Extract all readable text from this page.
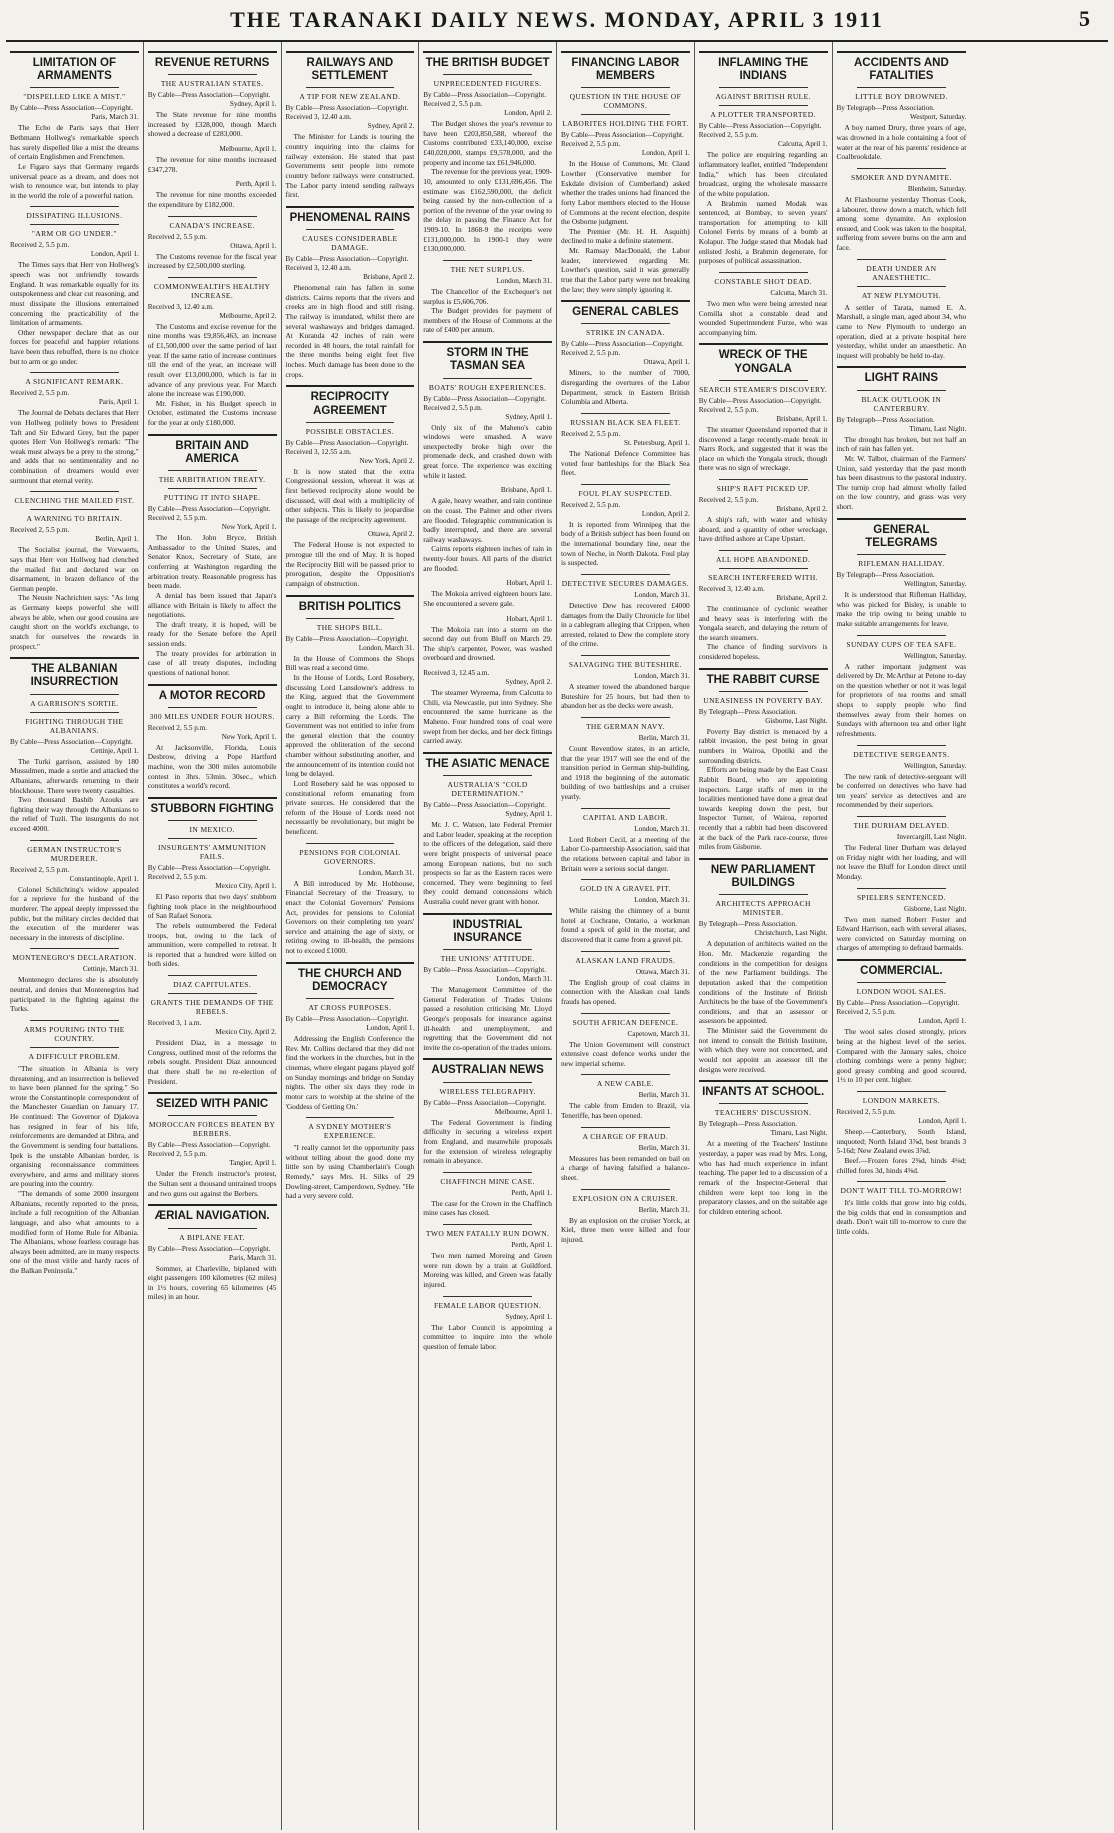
THE TARANAKI DAILY NEWS. MONDAY, APRIL 3 1911	5
LIMITATION OF ARMAMENTS
"DISPELLED LIKE A MIST."
By Cable—Press Association—Copyright.
Paris, March 31.

The Echo de Paris says that Herr Bethmann Hollweg's remarkable speech has surely dispelled like a mist the dreams of certain Englishmen and Frenchmen.

Le Figaro says that Germany regards universal peace as a dream, and does not wish to renounce war, but intends to play in the world the role of a powerful nation.

DISSIPATING ILLUSIONS.
"ARM OR GO UNDER."
Received 2, 5.5 p.m.
London, April 1.

The Times says that Herr von Hollweg's speech was not unfriendly towards England. It was remarkable equally for its outspokenness and clear cut reasoning, and must dissipate the illusions entertained concerning the practicability of the limitation of armaments.

Other newspaper declare that as our forces for peaceful and happier relations have been thus rebuffed, there is no choice but to arm or go under.

A SIGNIFICANT REMARK.
Received 2, 5.5 p.m.
Paris, April 1.

The Journal de Debats declares that Herr von Hollweg politely bows to President Taft and Sir Edward Grey, but the paper quotes Herr Von Hollweg's remark: "The weak must always be a prey to the strong," and adds that no sentimentality and no combination of dreamers would ever surmount that eternal verity.

CLENCHING THE MAILED FIST.
A WARNING TO BRITAIN.
Received 2, 5.5 p.m.
Berlin, April 1.

The Socialist journal, the Vorwaerts, says that Herr von Hollweg had clenched the mailed fist and declared war on disarmament, in brazen defiance of the German people.

The Neuste Nachrichten says: "As long as Germany keeps powerful she will always be able, when our good cousins are caught short on the world's exchange, to snatch for ourselves the rewards in prospect."

THE ALBANIAN INSURRECTION
A GARRISON'S SORTIE.
FIGHTING THROUGH THE ALBANIANS.
By Cable—Press Association—Copyright.
Cettinje, April 1.

The Turki garrison, assisted by 180 Mussulmen, made a sortie and attacked the Albanians, afterwards returning to their blockhouse. There were twenty casualties.

Two thousand Bashib Azouks are fighting their way through the Albanians to the relief of Tuzli. The insurgents do not exceed 4000.

GERMAN INSTRUCTOR'S MURDERER.
Received 2, 5.5 p.m.
Constantinople, April 1.

Colonel Schlichting's widow appealed for a reprieve for the husband of the murderer. The appeal deeply impressed the public, but the military circles decided that the execution of the murderer was necessary in the interests of discipline.

MONTENEGRO'S DECLARATION.
Cettinje, March 31.

Montenegro declares she is absolutely neutral, and denies that Montenegrins had participated in the fighting against the Turks.

ARMS POURING INTO THE COUNTRY.
A DIFFICULT PROBLEM.

"The situation in Albania is very threatening, and an insurrection is believed to have been planned for the spring." So wrote the Constantinople correspondent of the Manchester Guardian on January 17. He continued: The Governor of Djakova has resigned in fear of his life, reinforcements are demanded at Dibra, and the Government is sending four battalions. Ipek is the unstable Albanian border, is organising reconnaissance committees everywhere, and arms and military stores are pouring into the country.

"The demands of some 2000 insurgent Albanians, recently reported to the press, include a full recognition of the Albanian language, and also what amounts to a modified form of Home Rule for Albania. The Albanians, whose fearless courage has always been admitted, are in many respects one of the most virile and hardy races of the Balkan Peninsula."

REVENUE RETURNS
THE AUSTRALIAN STATES.
By Cable—Press Association—Copyright.
Sydney, April 1.

The State revenue for nine months increased by £328,000, though March showed a decrease of £283,000.

Melbourne, April 1.

The revenue for nine months increased £347,278.

Perth, April 1.

The revenue for nine months exceeded the expenditure by £182,000.

CANADA'S INCREASE.
Received 2, 5.5 p.m.
Ottawa, April 1.

The Customs revenue for the fiscal year increased by £2,500,000 sterling.

COMMONWEALTH'S HEALTHY INCREASE.
Received 3, 12.40 a.m.
Melbourne, April 2.

The Customs and excise revenue for the nine months was £9,856,463, an increase of £1,500,000 over the same period of last year. If the same ratio of increase continues till the end of the year, an increase will result over £13,000,000, which is far in advance of any previous year. For March alone the increase was £190,000.

Mr. Fisher, in his Budget speech in October, estimated the Customs increase for the year at only £180,000.

BRITAIN AND AMERICA
THE ARBITRATION TREATY.
PUTTING IT INTO SHAPE.
By Cable—Press Association—Copyright. Received 2, 5.5 p.m.
New York, April 1.

The Hon. John Bryce, British Ambassador to the United States, and Senator Knox, Secretary of State, are conferring at Washington regarding the arbitration treaty. Reasonable progress has been made.

A denial has been issued that Japan's alliance with Britain is likely to affect the negotiations.

The draft treaty, it is hoped, will be ready for the Senate before the April session ends.

The treaty provides for arbitration in case of all treaty disputes, including questions of national honor.

A MOTOR RECORD
300 MILES UNDER FOUR HOURS.
Received 2, 5.5 p.m.
New York, April 1.

At Jacksonville, Florida, Louis Desbrow, driving a Pope Hartford machine, won the 300 miles automobile contest in 3hrs. 53min. 30sec., which constitutes a world's record.

STUBBORN FIGHTING
IN MEXICO.
INSURGENTS' AMMUNITION FAILS.
By Cable—Press Association—Copyright. Received 2, 5.5 p.m.
Mexico City, April 1.

El Paso reports that two days' stubborn fighting took place in the neighbourhood of San Rafael Sonora.

The rebels outnumbered the Federal troops, but, owing to the lack of ammunition, were compelled to retreat. It is reported that a hundred were killed on both sides.

DIAZ CAPITULATES.
GRANTS THE DEMANDS OF THE REBELS.
Received 3, 1 a.m.
Mexico City, April 2.

President Diaz, in a message to Congress, outlined most of the reforms the rebels sought. President Diaz announced that there shall be no re-election of President.

SEIZED WITH PANIC
MOROCCAN FORCES BEATEN BY BERBERS.
By Cable—Press Association—Copyright. Received 2, 5.5 p.m.
Tangier, April 1.

Under the French instructor's protest, the Sultan sent a thousand untrained troops and two guns out against the Berbers.

ÆRIAL NAVIGATION.
A BIPLANE FEAT.
By Cable—Press Association—Copyright.
Paris, March 31.

Sommer, at Charleville, biplaned with eight passengers 100 kilometres (62 miles) in 1½ hours, covering 65 kilometres (45 miles) in an hour.

RAILWAYS AND SETTLEMENT
A TIP FOR NEW ZEALAND.
By Cable—Press Association—Copyright. Received 3, 12.40 a.m.
Sydney, April 2.

The Minister for Lands is touring the country inquiring into the claims for railway extension. He stated that past Governments sent people into remote country before railways were constructed. The Labor party intend sending railways first.

PHENOMENAL RAINS
CAUSES CONSIDERABLE DAMAGE.
By Cable—Press Association—Copyright. Received 3, 12.40 a.m.
Brisbane, April 2.

Phenomenal rain has fallen in some districts. Cairns reports that the rivers and creeks are in high flood and still rising. The railway is inundated, whilst there are several washaways and bridges damaged. At Kuranda 42 inches of rain were recorded in 48 hours, the total rainfall for the three months being eight feet five inches. Much damage has been done to the crops.

RECIPROCITY AGREEMENT
POSSIBLE OBSTACLES.
By Cable—Press Association—Copyright. Received 3, 12.55 a.m.
New York, April 2.

It is now stated that the extra Congressional session, whereat it was at first believed reciprocity alone would be discussed, will deal with a multiplicity of other subjects. This is likely to jeopardise the passage of the reciprocity agreement.

Ottawa, April 2.

The Federal House is not expected to prorogue till the end of May. It is hoped the Reciprocity Bill will be passed prior to prorogation, despite the Opposition's campaign of obstruction.

BRITISH POLITICS
THE SHOPS BILL.
By Cable—Press Association—Copyright.
London, March 31.

In the House of Commons the Shops Bill was read a second time.

In the House of Lords, Lord Rosebery, discussing Lord Lansdowne's address to the King, argued that the Government ought to introduce it, being alone able to carry a Bill reforming the Lords. The Government was not entitled to infer from the general election that the country approved the obliteration of the second chamber without substituting another, and the announcement of its intention could not long be delayed.

Lord Rosebery said he was opposed to constitutional reform emanating from private sources. He considered that the reform of the House of Lords need not necessarily be revolutionary, but might be beneficent.

PENSIONS FOR COLONIAL GOVERNORS.
London, March 31.

A Bill introduced by Mr. Hobhouse, Financial Secretary of the Treasury, to enact the Colonial Governors' Pensions Act, provides for pensions to Colonial Governors on their completing ten years' service and attaining the age of sixty, or retiring owing to ill-health, the pensions not to exceed £1000.

THE CHURCH AND DEMOCRACY
AT CROSS PURPOSES.
By Cable—Press Association—Copyright.
London, April 1.

Addressing the English Conference the Rev. Mr. Collins declared that they did not find the workers in the churches, but in the cinemas, where elegant pagans played golf on Sunday mornings and bridge on Sunday nights. The other six days they rode in motor cars to worship at the shrine of the 'Goddess of Getting On.'

A SYDNEY MOTHER'S EXPERIENCE.

"I really cannot let the opportunity pass without telling about the good done my little son by using Chamberlain's Cough Remedy," says Mrs. H. Silks of 29 Dowling-street, Camperdown, Sydney. "He had a very severe cold.

THE BRITISH BUDGET
UNPRECEDENTED FIGURES.
By Cable—Press Association—Copyright. Received 2, 5.5 p.m.
London, April 2.

The Budget shows the year's revenue to have been £203,850,588, whereof the Customs contributed £33,140,000, excise £40,020,000, stamps £9,578,000, and the property and income tax £61,946,000.

The revenue for the previous year, 1909-10, amounted to only £131,696,456. The estimate was £162,590,000, the deficit being caused by the non-collection of a portion of the revenue of the year owing to the delay in passing the Finance Act for 1909-10. In 1868-9 the receipts were £131,000,000. In 1900-1 they were £130,000,000.

THE NET SURPLUS.
London, March 31.

The Chancellor of the Exchequer's net surplus is £5,606,706.

The Budget provides for payment of members of the House of Commons at the rate of £400 per annum.

STORM IN THE TASMAN SEA
BOATS' ROUGH EXPERIENCES.
By Cable—Press Association—Copyright. Received 2, 5.5 p.m.
Sydney, April 1.

Only six of the Maheno's cabin windows were smashed. A wave unexpectedly broke high over the promenade deck, and crashed down with great force. The experience was exciting while it lasted.

Brisbane, April 1.

A gale, heavy weather, and rain continue on the coast. The Palmer and other rivers are flooded. Telegraphic communication is badly interrupted, and there are several railway washaways.

Cairns reports eighteen inches of rain in twenty-four hours. All parts of the district are flooded.

Hobart, April 1.

The Mokoia arrived eighteen hours late. She encountered a severe gale.

Hobart, April 1.

The Mokoia ran into a storm on the second day out from Bluff on March 29. The ship's carpenter, Power, was washed overboard and drowned.

Received 3, 12.45 a.m.
Sydney, April 2.

The steamer Wyreema, from Calcutta to Chili, via Newcastle, put into Sydney. She encountered the same hurricane as the Maheno. Four hundred tons of coal were swept from her decks, and her deck fittings carried away.

THE ASIATIC MENACE
AUSTRALIA'S "COLD DETERMINATION."
By Cable—Press Association—Copyright.
Sydney, April 1.

Mr. J. C. Watson, late Federal Premier and Labor leader, speaking at the reception to the officers of the delegation, said there were bright prospects of universal peace among European nations, but no such prospects so far as the Eastern races were concerned. They were beginning to feel they could demand concessions which Australia could never grant with honor.

INDUSTRIAL INSURANCE
THE UNIONS' ATTITUDE.
By Cable—Press Association—Copyright.
London, March 31.

The Management Committee of the General Federation of Trades Unions passed a resolution criticising Mr. Lloyd George's proposals for insurance against ill-health and unemployment, and regretting that the Government did not invite the co-operation of the trades unions.

AUSTRALIAN NEWS
WIRELESS TELEGRAPHY.
By Cable—Press Association—Copyright.
Melbourne, April 1.

The Federal Government is finding difficulty in securing a wireless expert from England, and meanwhile proposals for the extension of wireless telegraphy remain in abeyance.

CHAFFINCH MINE CASE.
Perth, April 1.

The case for the Crown in the Chaffinch mine cases has closed.

TWO MEN FATALLY RUN DOWN.
Perth, April 1.

Two men named Moreing and Green were run down by a train at Guildford. Moreing was killed, and Green was fatally injured.

FEMALE LABOR QUESTION.
Sydney, April 1.

The Labor Council is appointing a committee to inquire into the whole question of female labor.

FINANCING LABOR MEMBERS
QUESTION IN THE HOUSE OF COMMONS.
LABORITES HOLDING THE FORT.
By Cable—Press Association—Copyright. Received 2, 5.5 p.m.
London, April 1.

In the House of Commons, Mr. Claud Lowther (Conservative member for Eskdale division of Cumberland) asked whether the trades unions had financed the forty Labor members elected to the House of Commons at the recent election, despite the Osborne judgment.

The Premier (Mr. H. H. Asquith) declined to make a definite statement.

Mr. Ramsay MacDonald, the Labor leader, interviewed regarding Mr. Lowther's question, said it was generally true that the Labor party were not breaking the law; they were simply ignoring it.

GENERAL CABLES
STRIKE IN CANADA.
By Cable—Press Association—Copyright. Received 2, 5.5 p.m.
Ottawa, April 1.

Miners, to the number of 7000, disregarding the overtures of the Labor Department, struck in Eastern British Columbia and Alberta.

RUSSIAN BLACK SEA FLEET.
Received 2, 5.5 p.m.
St. Petersburg, April 1.

The National Defence Committee has voted four battleships for the Black Sea fleet.

FOUL PLAY SUSPECTED.
Received 2, 5.5 p.m.
London, April 2.

It is reported from Winnipeg that the body of a British subject has been found on the international boundary line, near the town of Neche, in North Dakota. Foul play is suspected.

DETECTIVE SECURES DAMAGES.
London, March 31.

Detective Dew has recovered £4000 damages from the Daily Chronicle for libel in a cablegram alleging that Crippen, when arrested, related to Dew the complete story of the crime.

SALVAGING THE BUTESHIRE.
London, March 31.

A steamer towed the abandoned barque Buteshire for 25 hours, but had then to abandon her as the decks were awash.

THE GERMAN NAVY.
Berlin, March 31.

Count Reventlow states, in an article, that the year 1917 will see the end of the transition period in German ship-building, and 1918 the beginning of the automatic building of two battleships and a cruiser yearly.

CAPITAL AND LABOR.
London, March 31.

Lord Robert Cecil, at a meeting of the Labor Co-partnership Association, said that the relations between capital and labor in Britain were a serious social danger.

GOLD IN A GRAVEL PIT.
London, March 31.

While raising the chimney of a burnt hotel at Cochrane, Ontario, a workman found a speck of gold in the mortar, and discovered that it came from a gravel pit.

ALASKAN LAND FRAUDS.
Ottawa, March 31.

The English group of coal claims in connection with the Alaskan coal lands frauds has opened.

SOUTH AFRICAN DEFENCE.
Capetown, March 31.

The Union Government will construct extensive coast defence works under the new imperial scheme.

A NEW CABLE.
Berlin, March 31.

The cable from Emden to Brazil, via Teneriffe, has been opened.

A CHARGE OF FRAUD.
Berlin, March 31.

Measures has been remanded on bail on a charge of having falsified a balance-sheet.

EXPLOSION ON A CRUISER.
Berlin, March 31.

By an explosion on the cruiser Yorck, at Kiel, three men were killed and four injured.

INFLAMING THE INDIANS
AGAINST BRITISH RULE.
A PLOTTER TRANSPORTED.
By Cable—Press Association—Copyright. Received 2, 5.5 p.m.
Calcutta, April 1.

The police are enquiring regarding an inflammatory leaflet, entitled "Independent India," which has been circulated broadcast, urging the wholesale massacre of the white population.

A Brahmin named Modak was sentenced, at Bombay, to seven years' transportation for attempting to kill Colonel Ferris by means of a bomb at Kolapur. The Judge stated that Modak had enlisted Joshi, a Brahmin degenerate, for purposes of political assassination.

CONSTABLE SHOT DEAD.
Calcutta, March 31.

Two men who were being arrested near Comilla shot a constable dead and wounded Superintendent Furze, who was accompanying him.

WRECK OF THE YONGALA
SEARCH STEAMER'S DISCOVERY.
By Cable—Press Association—Copyright. Received 2, 5.5 p.m.
Brisbane, April 1.

The steamer Queensland reported that it discovered a large recently-made break in Narrs Rock, and suggested that it was the place on which the Yongala struck, though there was no sign of wreckage.

SHIP'S RAFT PICKED UP.
Received 2, 5.5 p.m.
Brisbane, April 2.

A ship's raft, with water and whisky aboard, and a quantity of other wreckage, have drifted ashore at Cape Upstart.

ALL HOPE ABANDONED.
SEARCH INTERFERED WITH.
Received 3, 12.40 a.m.
Brisbane, April 2.

The continuance of cyclonic weather and heavy seas is interfering with the Yongala search, and delaying the return of the search steamers.

The chance of finding survivors is considered hopeless.

THE RABBIT CURSE
UNEASINESS IN POVERTY BAY.
By Telegraph—Press Association.
Gisborne, Last Night.

Poverty Bay district is menaced by a rabbit invasion, the pest being in great numbers in Wairoa, Opotiki and the surrounding districts.

Efforts are being made by the East Coast Rabbit Board, who are appointing inspectors. Large staffs of men in the localities mentioned have done a great deal towards keeping down the pest, but Inspector Turner, of Wairoa, reported recently that a rabbit had been discovered at the back of the Park race-course, three miles from Gisborne.

NEW PARLIAMENT BUILDINGS
ARCHITECTS APPROACH MINISTER.
By Telegraph—Press Association.
Christchurch, Last Night.

A deputation of architects waited on the Hon. Mr. Mackenzie regarding the conditions in the competition for designs of the new Parliament buildings. The deputation asked that the competition conditions of the Institute of British Architects be the base of the Government's conditions, and that an assessor or assessors be appointed.

The Minister said the Government do not intend to consult the British Institute, with which they were not concerned, and would not appoint an assessor till the designs were received.

INFANTS AT SCHOOL.
TEACHERS' DISCUSSION.
By Telegraph—Press Association.
Timaru, Last Night.

At a meeting of the Teachers' Institute yesterday, a paper was read by Mrs. Long, who has had much experience in infant teaching. The paper led to a discussion of a remark of the Inspector-General that children were kept too long in the preparatory classes, and on the suitable age for children entering school.

ACCIDENTS AND FATALITIES
LITTLE BOY DROWNED.
By Telegraph—Press Association.
Westport, Saturday.

A boy named Drury, three years of age, was drowned in a hole containing a foot of water at the rear of his parents' residence at Coalbrookdale.

SMOKER AND DYNAMITE.
Blenheim, Saturday.

At Flaxbourne yesterday Thomas Cook, a labourer, threw down a match, which fell among some dynamite. An explosion ensued, and Cook was taken to the hospital, suffering from severe burns on the arm and face.

DEATH UNDER AN ANAESTHETIC.
AT NEW PLYMOUTH.

A settler of Tarata, named E. A. Marshall, a single man, aged about 34, who came to New Plymouth to undergo an operation, died at a private hospital here yesterday, whilst under an anaesthetic. An inquest will probably be held to-day.

LIGHT RAINS
BLACK OUTLOOK IN CANTERBURY.
By Telegraph—Press Association.
Timaru, Last Night.

The drought has broken, but not half an inch of rain has fallen yet.

Mr. W. Talbot, chairman of the Farmers' Union, said yesterday that the past month has been disastrous to the pastoral industry. The turnip crop had almost wholly failed on the low country, and grass was very short.

GENERAL TELEGRAMS
RIFLEMAN HALLIDAY.
By Telegraph—Press Association.
Wellington, Saturday.

It is understood that Rifleman Halliday, who was picked for Bisley, is unable to make the trip owing to being unable to make suitable arrangements for leave.

SUNDAY CUPS OF TEA SAFE.
Wellington, Saturday.

A rather important judgment was delivered by Dr. McArthur at Petone to-day on the question whether or not it was legal for proprietors of tea rooms and small shops to supply people who find themselves away from their homes on Sundays with afternoon tea and other light refreshments.

DETECTIVE SERGEANTS.
Wellington, Saturday.

The new rank of detective-sergeant will be conferred on detectives who have had ten years' service as detectives and are recommended by their superiors.

THE DURHAM DELAYED.
Invercargill, Last Night.

The Federal liner Durham was delayed on Friday night with her loading, and will not leave the Bluff for London direct until Monday.

SPIELERS SENTENCED.
Gisborne, Last Night.

Two men named Robert Foster and Edward Harrison, each with several aliases, were convicted on Saturday morning on charges of attempting to defraud barmaids.

COMMERCIAL.
LONDON WOOL SALES.
By Cable—Press Association—Copyright. Received 2, 5.5 p.m.
London, April 1.

The wool sales closed strongly, prices being at the highest level of the series. Compared with the January sales, choice clothing combings were a penny higher; good greasy combing and good scoured, 1½ to 10 per cent. higher.

LONDON MARKETS.
Received 2, 5.5 p.m.
London, April 1.

Sheep.—Canterbury, South Island, unquoted; North Island 3⅞d, best brands 3 5-16d; New Zealand ewes 3⅞d.

Beef.—Frozen fores 2⅝d, hinds 4⅛d; chilled fores 3d, hinds 4⅝d.

DON'T WAIT TILL TO-MORROW!

It's little colds that grow into big colds, the big colds that end in consumption and death. Don't wait till to-morrow to cure the little colds.
